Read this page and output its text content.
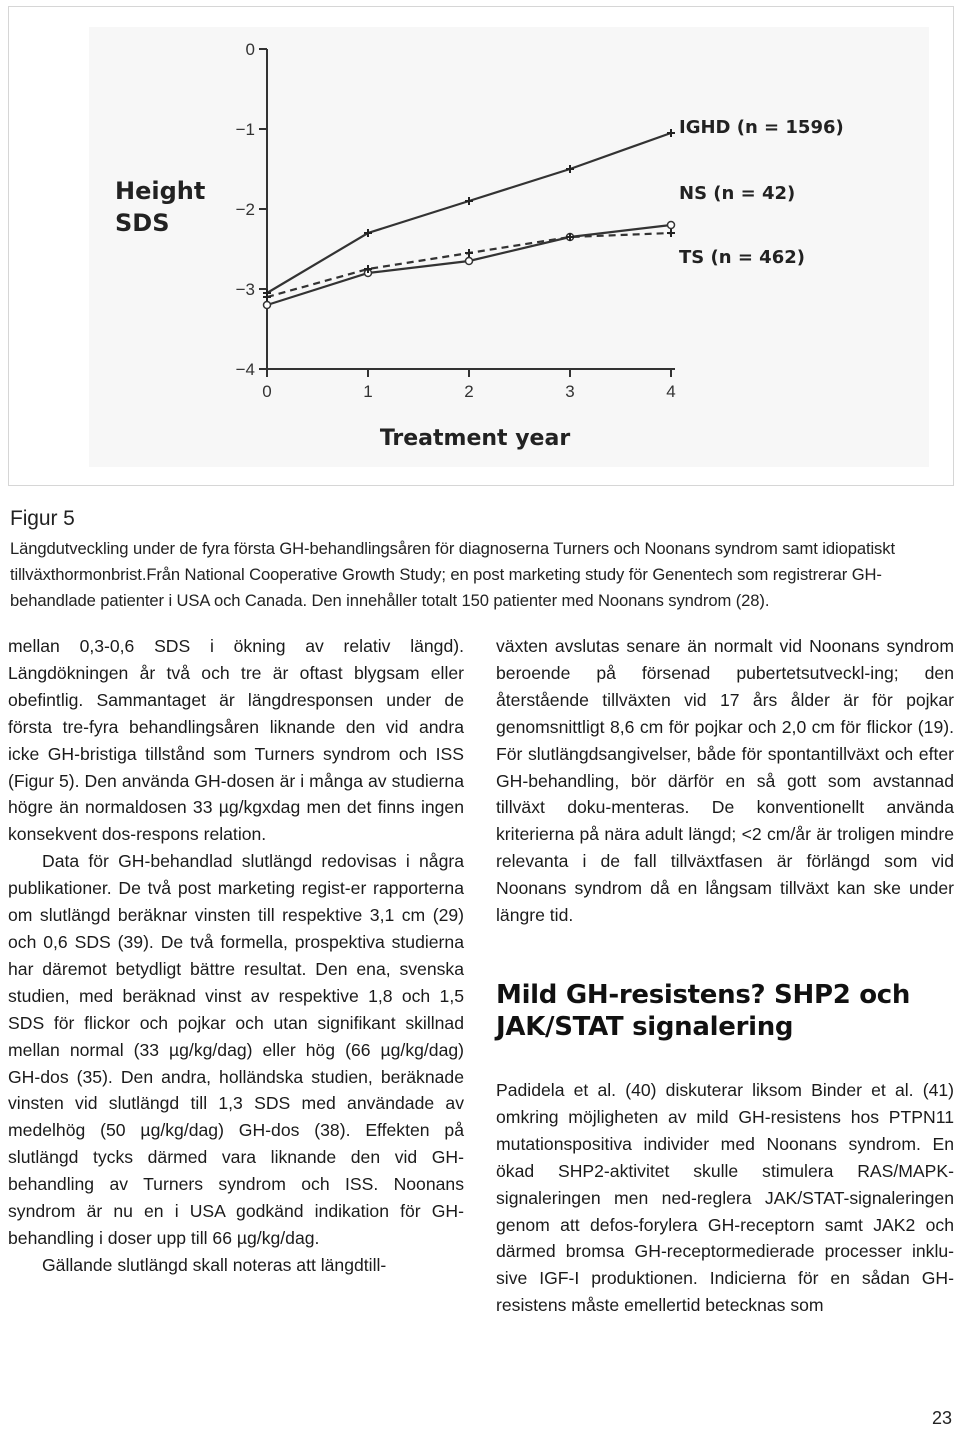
0
−1
−2
−3
−4
0	1	2	3	4
Height
SDS
IGHD (n = 1596)
NS (n = 42)
TS (n = 462)
Treatment year
Figur 5
Längdutveckling under de fyra första GH-behandlingsåren för diagnoserna Turners och Noonans syndrom samt idiopatiskt tillväxthormonbrist.Från National Cooperative Growth Study; en post marketing study för Genentech som registrerar GH-behandlade patienter i USA och Canada. Den innehåller totalt 150 patienter med Noonans syndrom (28).

mellan 0,3-0,6 SDS i ökning av relativ längd). Längdökningen år två och tre är oftast blygsam eller obefintlig. Sammantaget är längdresponsen under de första tre-fyra behandlingsåren liknande den vid andra icke GH-bristiga tillstånd som Turners syndrom och ISS (Figur 5). Den använda GH-dosen är i många av studierna högre än normaldosen 33 µg/kgxdag men det finns ingen konsekvent dos-respons relation.

Data för GH-behandlad slutlängd redovisas i några publikationer. De två post marketing regist-er rapporterna om slutlängd beräknar vinsten till respektive 3,1 cm (29) och 0,6 SDS (39). De två formella, prospektiva studierna har däremot betydligt bättre resultat. Den ena, svenska studien, med beräknad vinst av respektive 1,8 och 1,5 SDS för flickor och pojkar och utan signifikant skillnad mellan normal (33 µg/kg/dag) eller hög (66 µg/kg/dag) GH-dos (35). Den andra, holländska studien, beräknade vinsten vid slutlängd till 1,3 SDS med användade av medelhög (50 µg/kg/dag) GH-dos (38). Effekten på slutlängd tycks därmed vara liknande den vid GH-behandling av Turners syndrom och ISS. Noonans syndrom är nu en i USA godkänd indikation för GH-behandling i doser upp till 66 µg/kg/dag.

Gällande slutlängd skall noteras att längdtill-

växten avslutas senare än normalt vid Noonans syndrom beroende på försenad pubertetsutveckl-ing; den återstående tillväxten vid 17 års ålder är för pojkar genomsnittligt 8,6 cm för pojkar och 2,0 cm för flickor (19). För slutlängdsangivelser, både för spontantillväxt och efter GH-behandling, bör därför en så gott som avstannad tillväxt doku-menteras. De konventionellt använda kriterierna på nära adult längd; <2 cm/år är troligen mindre relevanta i de fall tillväxtfasen är förlängd som vid Noonans syndrom då en långsam tillväxt kan ske under längre tid.

Mild GH-resistens? SHP2 och JAK/STAT signalering

Padidela et al. (40) diskuterar liksom Binder et al. (41) omkring möjligheten av mild GH-resistens hos PTPN11 mutationspositiva individer med Noonans syndrom. En ökad SHP2-aktivitet skulle stimulera RAS/MAPK-signaleringen men ned-reglera JAK/STAT-signaleringen genom att defos-forylera GH-receptorn samt JAK2 och därmed bromsa GH-receptormedierade processer inklu-sive IGF-I produktionen. Indicierna för en sådan GH-resistens måste emellertid betecknas som

23
